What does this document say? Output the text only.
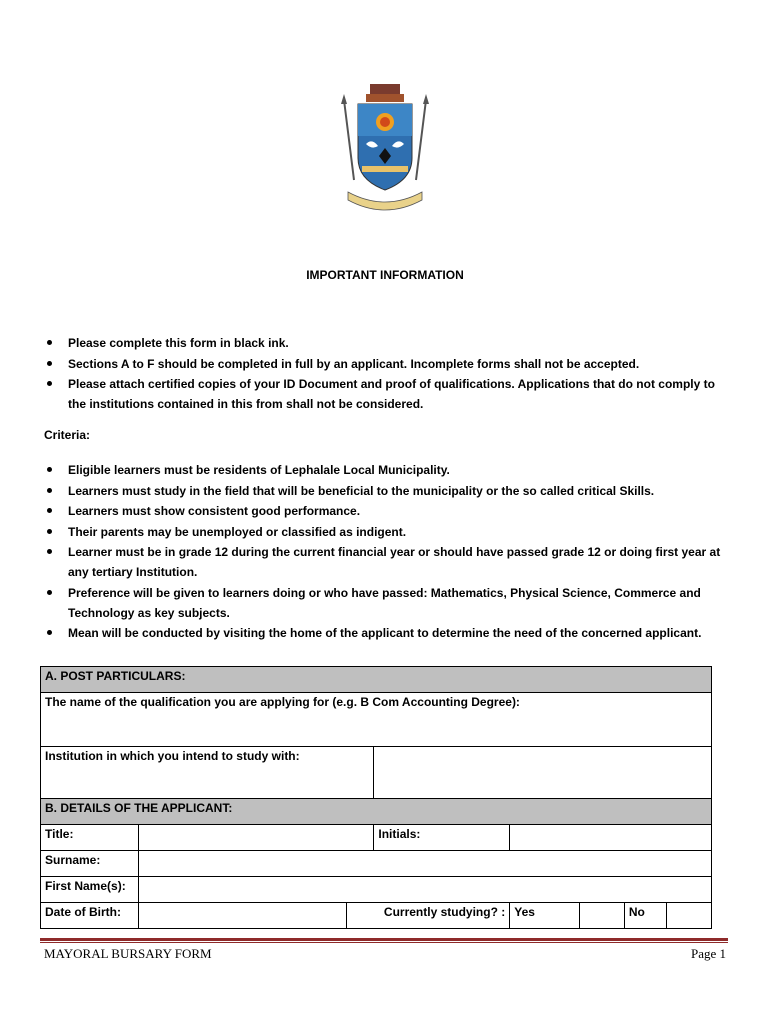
IMPORTANT INFORMATION
Please complete this form in black ink.
Sections A to F should be completed in full by an applicant. Incomplete forms shall not be accepted.
Please attach certified copies of your ID Document and proof of qualifications. Applications that do not comply to the institutions contained in this from shall not be considered.
Criteria:
Eligible learners must be residents of Lephalale Local Municipality.
Learners must study in the field that will be beneficial to the municipality or the so called critical Skills.
Learners must show consistent good performance.
Their parents may be unemployed or classified as indigent.
Learner must be in grade 12 during the current financial year or should have passed grade 12 or doing first year at any tertiary Institution.
Preference will be given to learners doing or who have passed: Mathematics, Physical Science, Commerce and Technology as key subjects.
Mean will be conducted by visiting the home of the applicant to determine the need of the concerned applicant.
A. POST PARTICULARS:							
The name of the qualification you are applying for (e.g. B Com Accounting Degree):							
Institution in which you intend to study with:							
B. DETAILS OF THE APPLICANT:							
Title:			Initials:				
Surname:							
First Name(s):							
Date of Birth:		Currently studying? :		Yes		No	
MAYORAL BURSARY FORM	Page 1
